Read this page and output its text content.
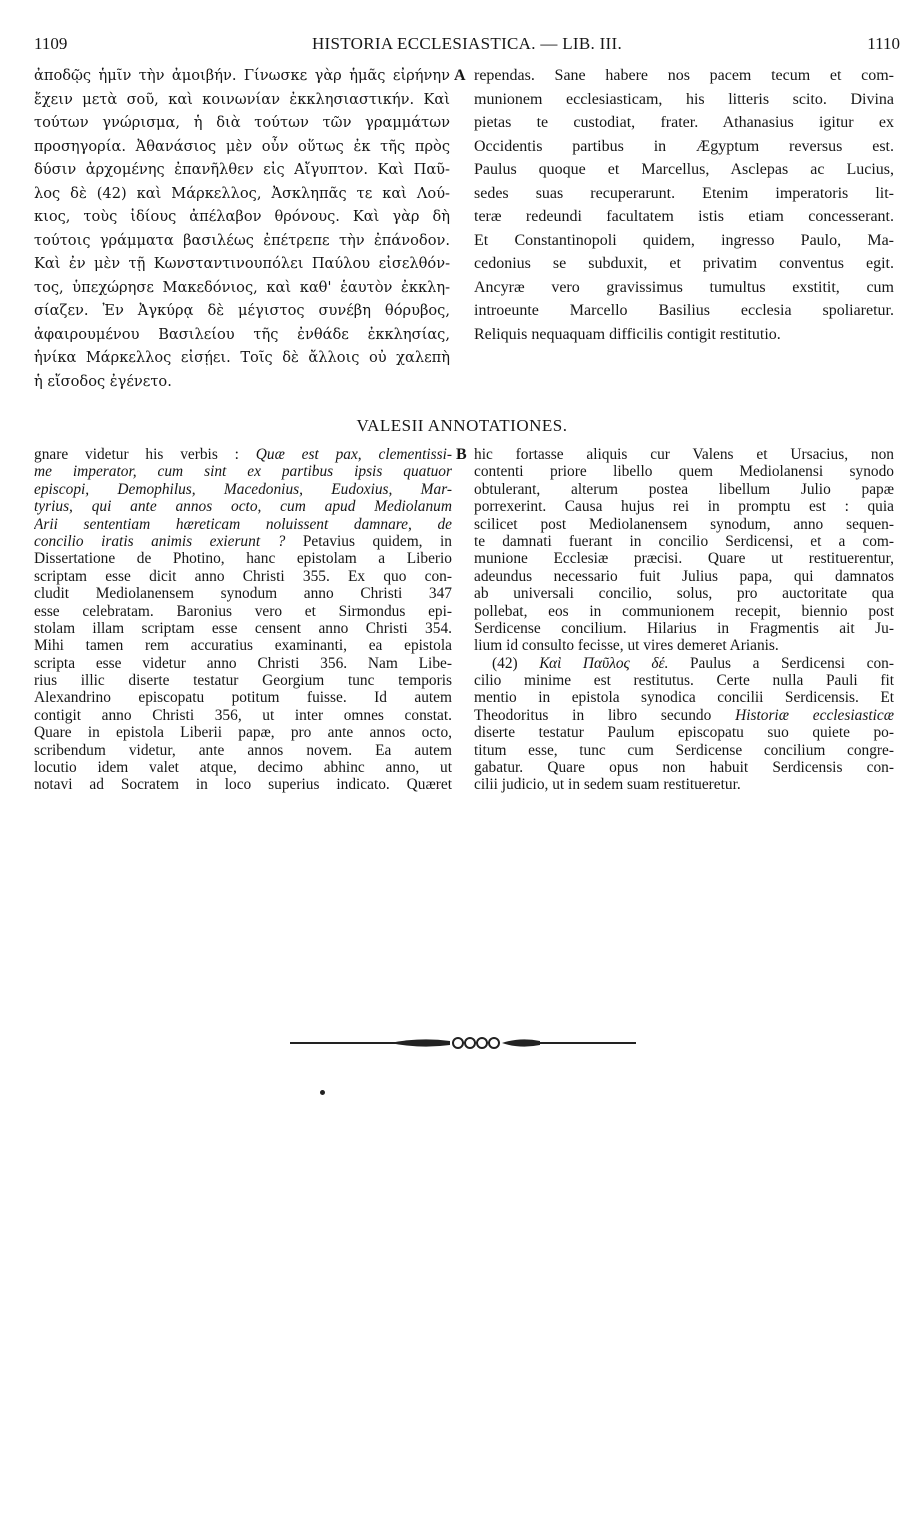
1109	HISTORIA ECCLESIASTICA. — LIB. III.	1110
ἀποδῷς ἡμῖν τὴν ἀμοιβήν. Γίνωσκε γὰρ ἡμᾶς εἰρήνην
ἔχειν μετὰ σοῦ, καὶ κοινωνίαν ἐκκλησιαστικήν. Καὶ
τούτων γνώρισμα, ἡ διὰ τούτων τῶν γραμμάτων
προσηγορία. Ἀθανάσιος μὲν οὖν οὕτως ἐκ τῆς πρὸς
δύσιν ἀρχομένης ἐπανῆλθεν εἰς Αἴγυπτον. Καὶ Παῦ-
λος δὲ (42) καὶ Μάρκελλος, Ἀσκληπᾶς τε καὶ Λού-
κιος, τοὺς ἰδίους ἀπέλαβον θρόνους. Καὶ γὰρ δὴ
τούτοις γράμματα βασιλέως ἐπέτρεπε τὴν ἐπάνοδον.
Καὶ ἐν μὲν τῇ Κωνσταντινουπόλει Παύλου εἰσελθόν-
τος, ὑπεχώρησε Μακεδόνιος, καὶ καθ' ἑαυτὸν ἐκκλη-
σίαζεν. Ἐν Ἀγκύρᾳ δὲ μέγιστος συνέβη θόρυβος,
ἀφαιρουμένου Βασιλείου τῆς ἐνθάδε ἐκκλησίας,
ἡνίκα Μάρκελλος εἰσῄει. Τοῖς δὲ ἄλλοις οὐ χαλεπὴ
ἡ εἴσοδος ἐγένετο.
A rependas. Sane habere nos pacem tecum et com-
munionem ecclesiasticam, his litteris scito. Divina
pietas te custodiat, frater. Athanasius igitur ex
Occidentis partibus in Ægyptum reversus est.
Paulus quoque et Marcellus, Asclepas ac Lucius,
sedes suas recuperarunt. Etenim imperatoris lit-
teræ redeundi facultatem istis etiam concesserant.
Et Constantinopoli quidem, ingresso Paulo, Ma-
cedonius se subduxit, et privatim conventus egit.
Ancyræ vero gravissimus tumultus exstitit, cum
introeunte Marcello Basilius ecclesia spoliaretur.
Reliquis nequaquam difficilis contigit restitutio.
VALESII ANNOTATIONES.
B
gnare videtur his verbis : Quæ est pax, clementissi-
me imperator, cum sint ex partibus ipsis quatuor
episcopi, Demophilus, Macedonius, Eudoxius, Mar-
tyrius, qui ante annos octo, cum apud Mediolanum
Arii sententiam hæreticam noluissent damnare, de
concilio iratis animis exierunt ? Petavius quidem, in
Dissertatione de Photino, hanc epistolam a Liberio
scriptam esse dicit anno Christi 355. Ex quo con-
cludit Mediolanensem synodum anno Christi 347
esse celebratam. Baronius vero et Sirmondus epi-
stolam illam scriptam esse censent anno Christi 354.
Mihi tamen rem accuratius examinanti, ea epistola
scripta esse videtur anno Christi 356. Nam Libe-
rius illic diserte testatur Georgium tunc temporis
Alexandrino episcopatu potitum fuisse. Id autem
contigit anno Christi 356, ut inter omnes constat.
Quare in epistola Liberii papæ, pro ante annos octo,
scribendum videtur, ante annos novem. Ea autem
locutio idem valet atque, decimo abhinc anno, ut
notavi ad Socratem in loco superius indicato. Quæret
hic fortasse aliquis cur Valens et Ursacius, non
contenti priore libello quem Mediolanensi synodo
obtulerant, alterum postea libellum Julio papæ
porrexerint. Causa hujus rei in promptu est : quia
scilicet post Mediolanensem synodum, anno sequen-
te damnati fuerant in concilio Serdicensi, et a com-
munione Ecclesiæ præcisi. Quare ut restituerentur,
adeundus necessario fuit Julius papa, qui damnatos
ab universali concilio, solus, pro auctoritate qua
pollebat, eos in communionem recepit, biennio post
Serdicense concilium. Hilarius in Fragmentis ait Ju-
lium id consulto fecisse, ut vires demeret Arianis.
(42) Καὶ Παῦλος δέ. Paulus a Serdicensi con-
cilio minime est restitutus. Certe nulla Pauli fit
mentio in epistola synodica concilii Serdicensis. Et
Theodoritus in libro secundo Historiæ ecclesiasticæ
diserte testatur Paulum episcopatu suo quiete po-
titum esse, tunc cum Serdicense concilium congre-
gabatur. Quare opus non habuit Serdicensis con-
cilii judicio, ut in sedem suam restitueretur.
